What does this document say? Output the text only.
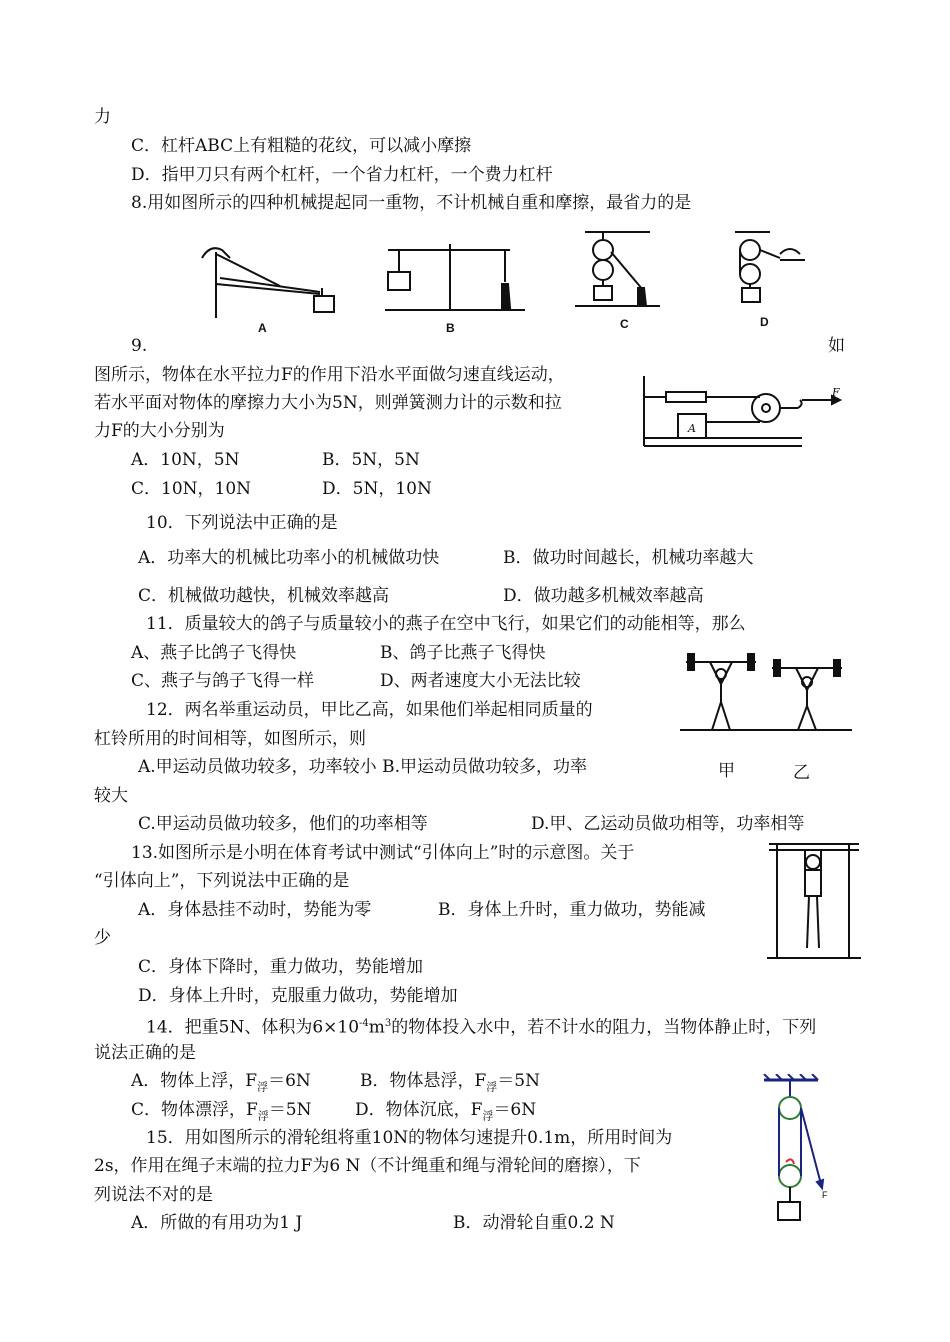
力
C．杠杆ABC上有粗糙的花纹，可以减小摩擦
D．指甲刀只有两个杠杆，一个省力杠杆，一个费力杠杆
8.用如图所示的四种机械提起同一重物，不计机械自重和摩擦，最省力的是
A	B	C	D
9.	如
图所示，物体在水平拉力F的作用下沿水平面做匀速直线运动，
若水平面对物体的摩擦力大小为5N，则弹簧测力计的示数和拉
力F的大小分别为
A．10N，5N	B．5N，5N
C．10N，10N	D．5N，10N
F
A
10．下列说法中正确的是
A．功率大的机械比功率小的机械做功快	B．做功时间越长，机械功率越大
C．机械做功越快，机械效率越高	D．做功越多机械效率越高
11．质量较大的鸽子与质量较小的燕子在空中飞行，如果它们的动能相等，那么
A、燕子比鸽子飞得快	B、鸽子比燕子飞得快
C、燕子与鸽子飞得一样	D、两者速度大小无法比较
甲	乙
12．两名举重运动员，甲比乙高，如果他们举起相同质量的
杠铃所用的时间相等，如图所示，则
A.甲运动员做功较多，功率较小 B.甲运动员做功较多，功率
较大
C.甲运动员做功较多，他们的功率相等	D.甲、乙运动员做功相等，功率相等
13.如图所示是小明在体育考试中测试“引体向上”时的示意图。关于
“引体向上”，下列说法中正确的是
A．身体悬挂不动时，势能为零	B．身体上升时，重力做功，势能减
少
C．身体下降时，重力做功，势能增加
D．身体上升时，克服重力做功，势能增加
14．把重5N、体积为$6\times 10^{-4}m^3$的物体投入水中，若不计水的阻力，当物体静止时，下列
说法正确的是
A．物体上浮，$F_浮=6N$	B．物体悬浮，$F_浮=5N$
C．物体漂浮，$F_浮=5N$	D．物体沉底，$F_浮=6N$
F
15．用如图所示的滑轮组将重10N的物体匀速提升0.1m，所用时间为
2s，作用在绳子末端的拉力F为6 N（不计绳重和绳与滑轮间的磨擦），下
列说法不对的是
A．所做的有用功为1 J	B．动滑轮自重0.2 N
